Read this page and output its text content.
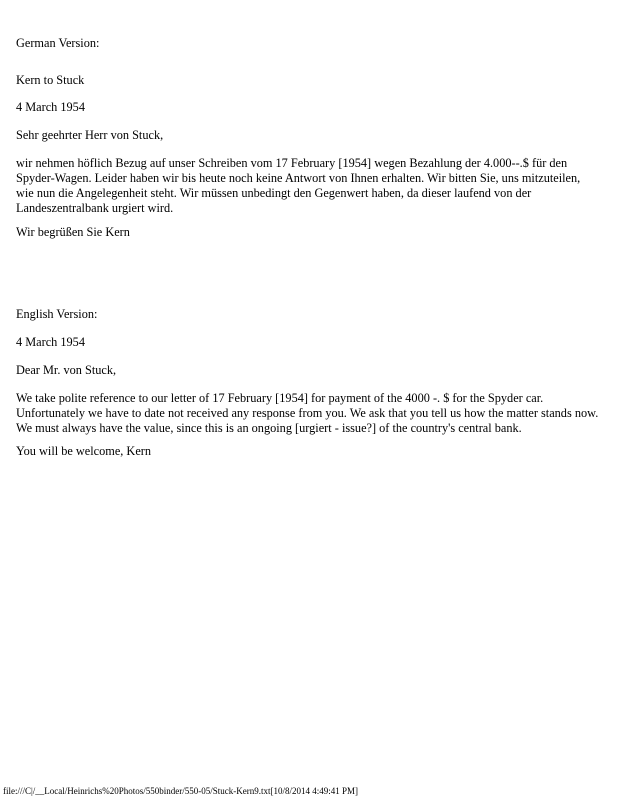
German Version:

Kern to Stuck

4 March 1954

Sehr geehrter Herr von Stuck,

wir nehmen höflich Bezug auf unser Schreiben vom 17 February [1954] wegen Bezahlung der 4.000--.$ für den
Spyder-Wagen. Leider haben wir bis heute noch keine Antwort von Ihnen erhalten. Wir bitten Sie, uns mitzuteilen,
wie nun die Angelegenheit steht. Wir müssen unbedingt den Gegenwert haben, da dieser laufend von der
Landeszentralbank urgiert wird.

Wir begrüßen Sie Kern

English Version:

4 March 1954

Dear Mr. von Stuck,

We take polite reference to our letter of 17 February [1954] for payment of the 4000 -. $ for the Spyder car.
Unfortunately we have to date not received any response from you. We ask that you tell us how the matter stands now.
We must always have the value, since this is an ongoing [urgiert - issue?] of the country's central bank.

You will be welcome, Kern

file:///C|/__Local/Heinrichs%20Photos/550binder/550-05/Stuck-Kern9.txt[10/8/2014 4:49:41 PM]
